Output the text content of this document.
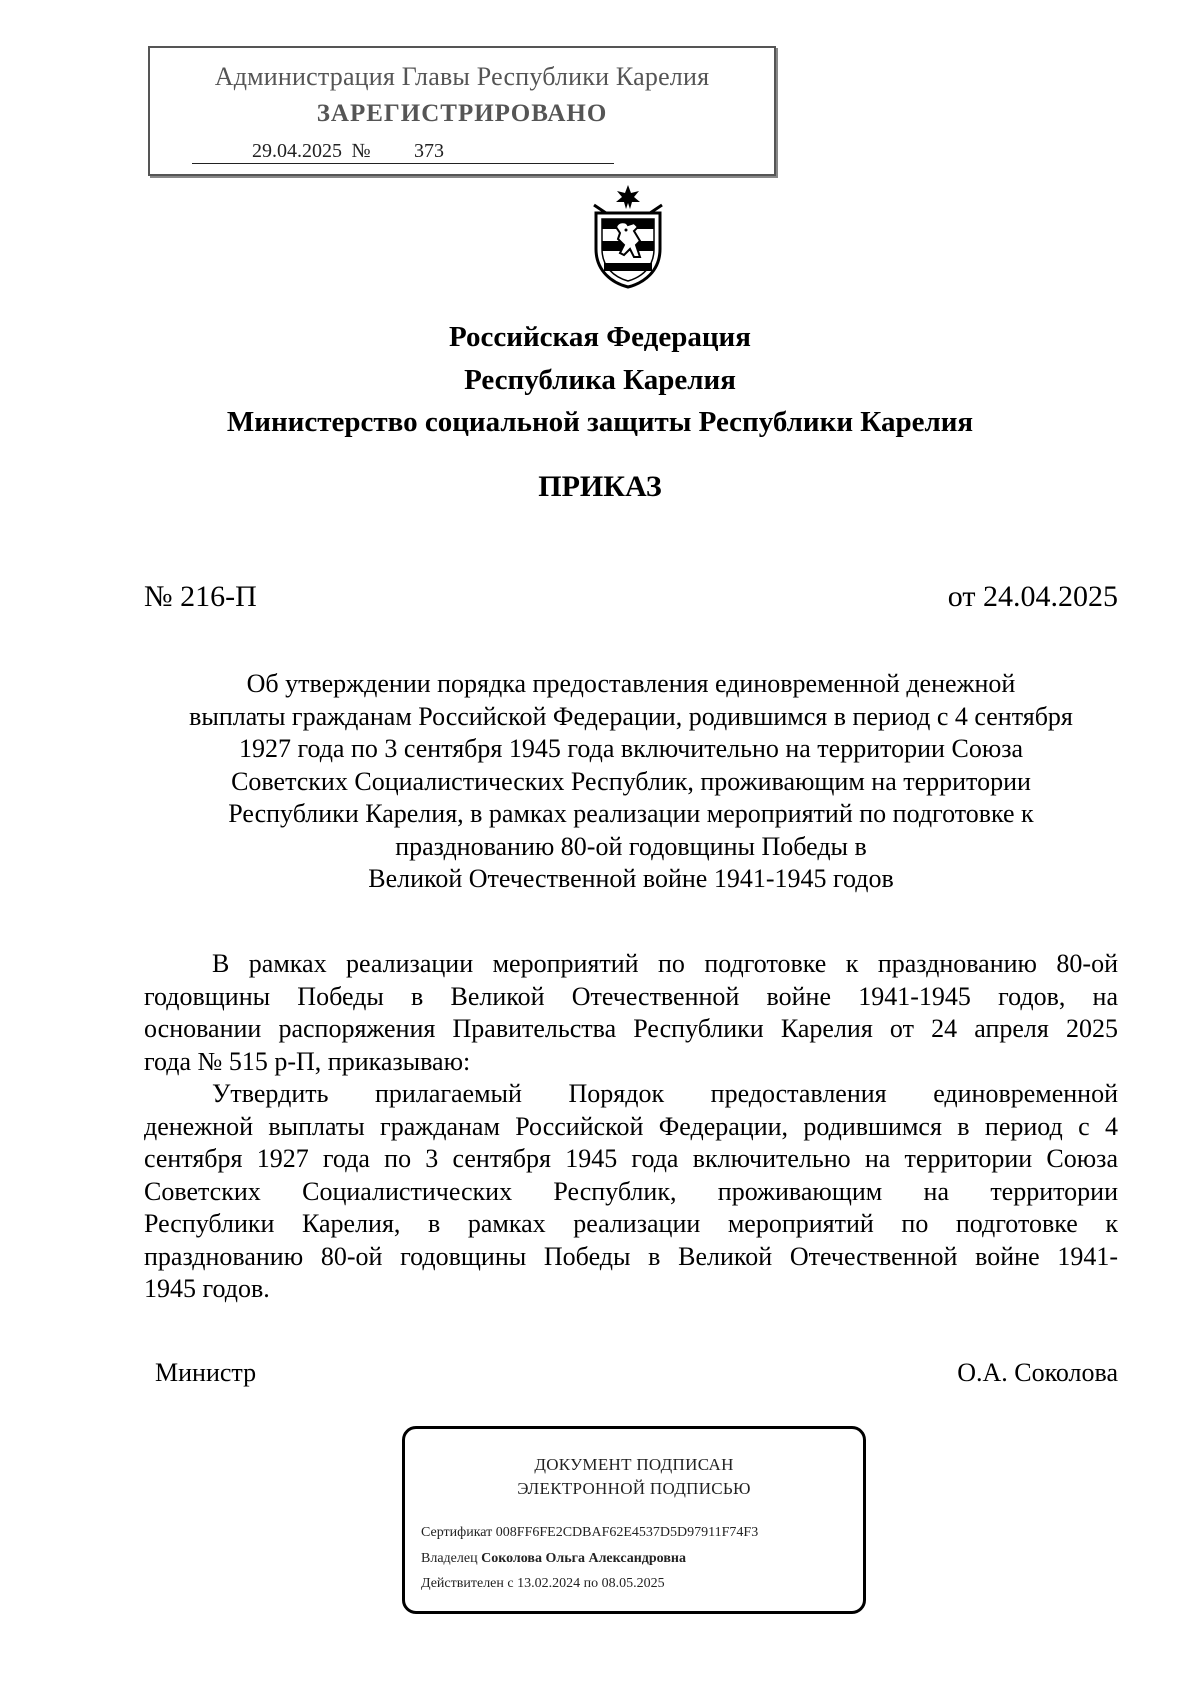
Администрация Главы Республики Карелия
ЗАРЕГИСТРИРОВАНО
29.04.2025 № 373
Российская Федерация
Республика Карелия
Министерство социальной защиты Республики Карелия
ПРИКАЗ
№ 216-П	от 24.04.2025
Об утверждении порядка предоставления единовременной денежной
выплаты гражданам Российской Федерации, родившимся в период с 4 сентября
1927 года по 3 сентября 1945 года включительно на территории Союза
Советских Социалистических Республик, проживающим на территории
Республики Карелия, в рамках реализации мероприятий по подготовке к
празднованию 80-ой годовщины Победы в
Великой Отечественной войне 1941-1945 годов
В рамках реализации мероприятий по подготовке к празднованию 80-ой
годовщины Победы в Великой Отечественной войне 1941-1945 годов, на
основании распоряжения Правительства Республики Карелия от 24 апреля 2025
года № 515 р-П, приказываю:
Утвердить прилагаемый Порядок предоставления единовременной
денежной выплаты гражданам Российской Федерации, родившимся в период с 4
сентября 1927 года по 3 сентября 1945 года включительно на территории Союза
Советских Социалистических Республик, проживающим на территории
Республики Карелия, в рамках реализации мероприятий по подготовке к
празднованию 80-ой годовщины Победы в Великой Отечественной войне 1941-
1945 годов.
Министр	О.А. Соколова
ДОКУМЕНТ ПОДПИСАН
ЭЛЕКТРОННОЙ ПОДПИСЬЮ
Сертификат 008FF6FE2CDBAF62E4537D5D97911F74F3
Владелец Соколова Ольга Александровна
Действителен с 13.02.2024 по 08.05.2025
